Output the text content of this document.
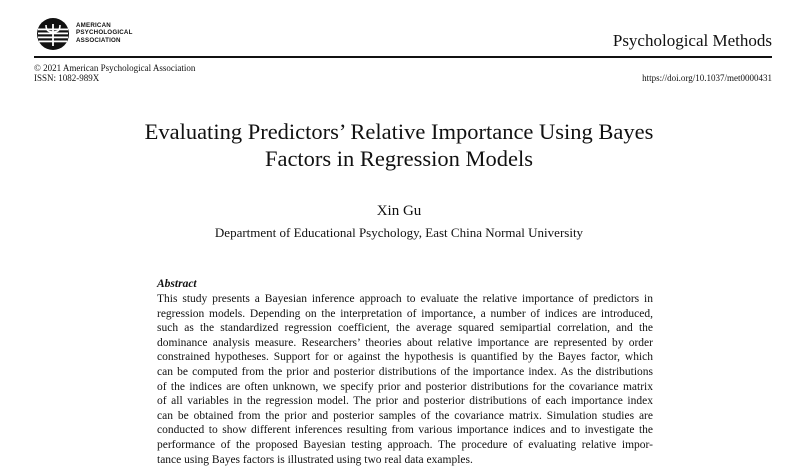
AMERICAN
PSYCHOLOGICAL
ASSOCIATION	Psychological Methods
© 2021 American Psychological Association
ISSN: 1082-989X	https://doi.org/10.1037/met0000431
Evaluating Predictors’ Relative Importance Using Bayes
Factors in Regression Models
Xin Gu
Department of Educational Psychology, East China Normal University
Abstract
This study presents a Bayesian inference approach to evaluate the relative importance of predictors in
regression models. Depending on the interpretation of importance, a number of indices are introduced,
such as the standardized regression coefficient, the average squared semipartial correlation, and the
dominance analysis measure. Researchers’ theories about relative importance are represented by order
constrained hypotheses. Support for or against the hypothesis is quantified by the Bayes factor, which
can be computed from the prior and posterior distributions of the importance index. As the distributions
of the indices are often unknown, we specify prior and posterior distributions for the covariance matrix
of all variables in the regression model. The prior and posterior distributions of each importance index
can be obtained from the prior and posterior samples of the covariance matrix. Simulation studies are
conducted to show different inferences resulting from various importance indices and to investigate the
performance of the proposed Bayesian testing approach. The procedure of evaluating relative impor-
tance using Bayes factors is illustrated using two real data examples.
